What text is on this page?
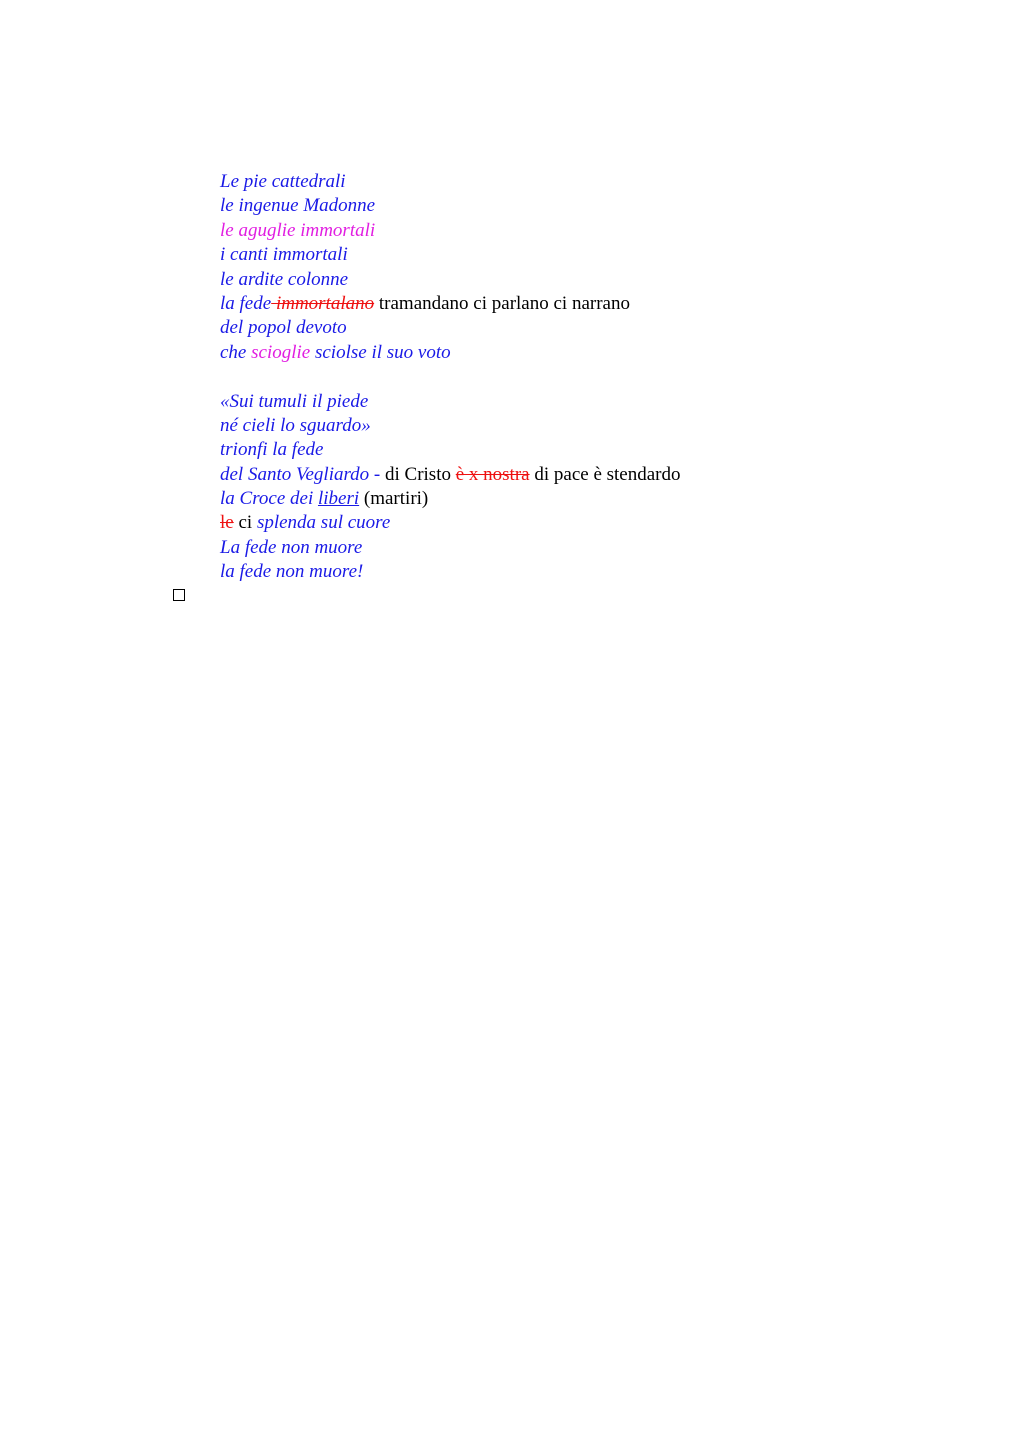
Le pie cattedrali
le ingenue Madonne
le aguglie immortali
i canti immortali
le ardite colonne
la fede immortalano tramandano ci parlano ci narrano
del popol devoto
che scioglie sciolse il suo voto
«Sui tumuli il piede
né cieli lo sguardo»
trionfi la fede
del Santo Vegliardo - di Cristo è x nostra di pace è stendardo
la Croce dei liberi (martiri)
le ci splenda sul cuore
La fede non muore
la fede non muore!
